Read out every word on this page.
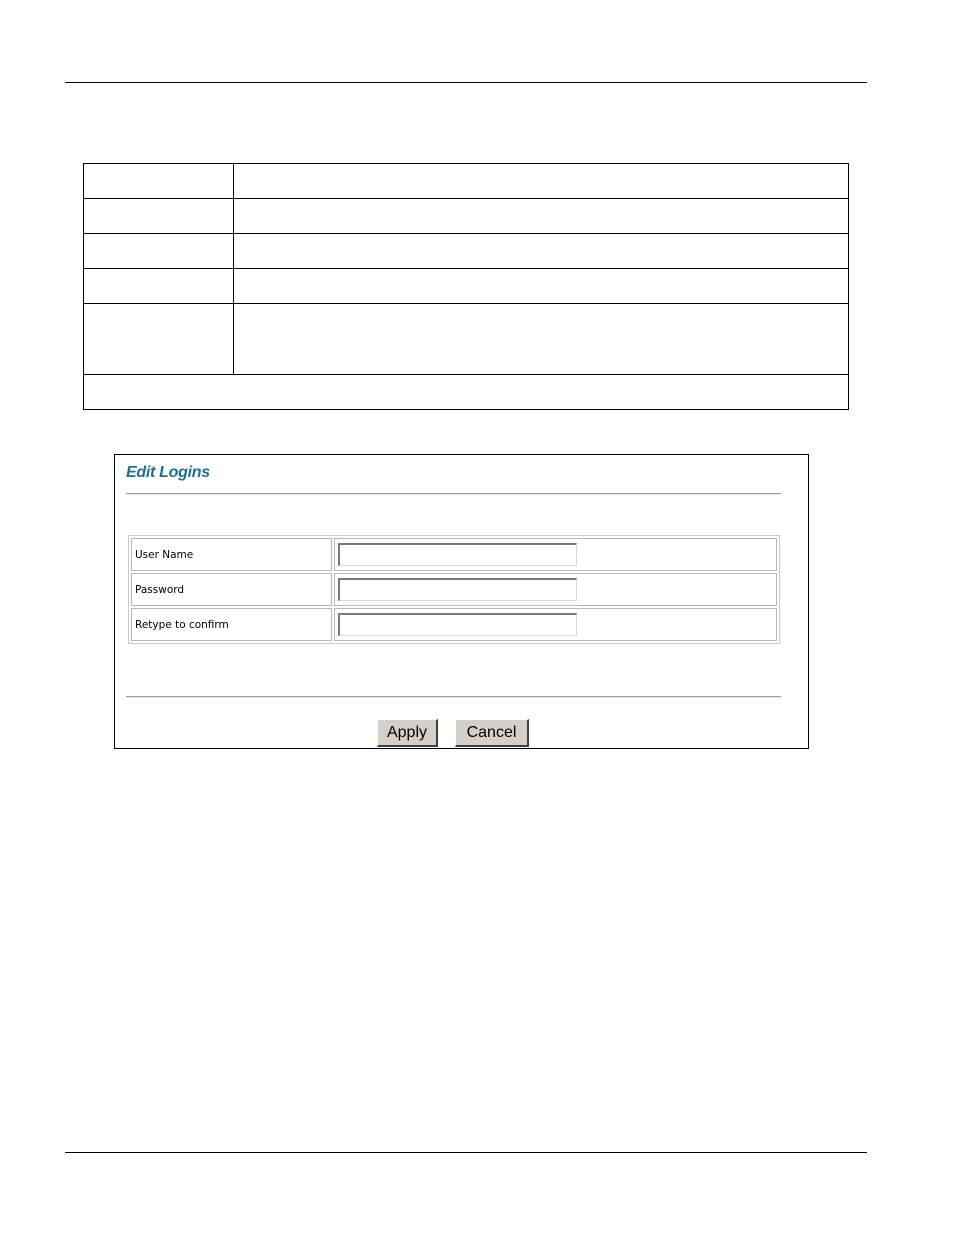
Edit Logins
User Name	

Password	

Retype to confirm	
Apply	Cancel
